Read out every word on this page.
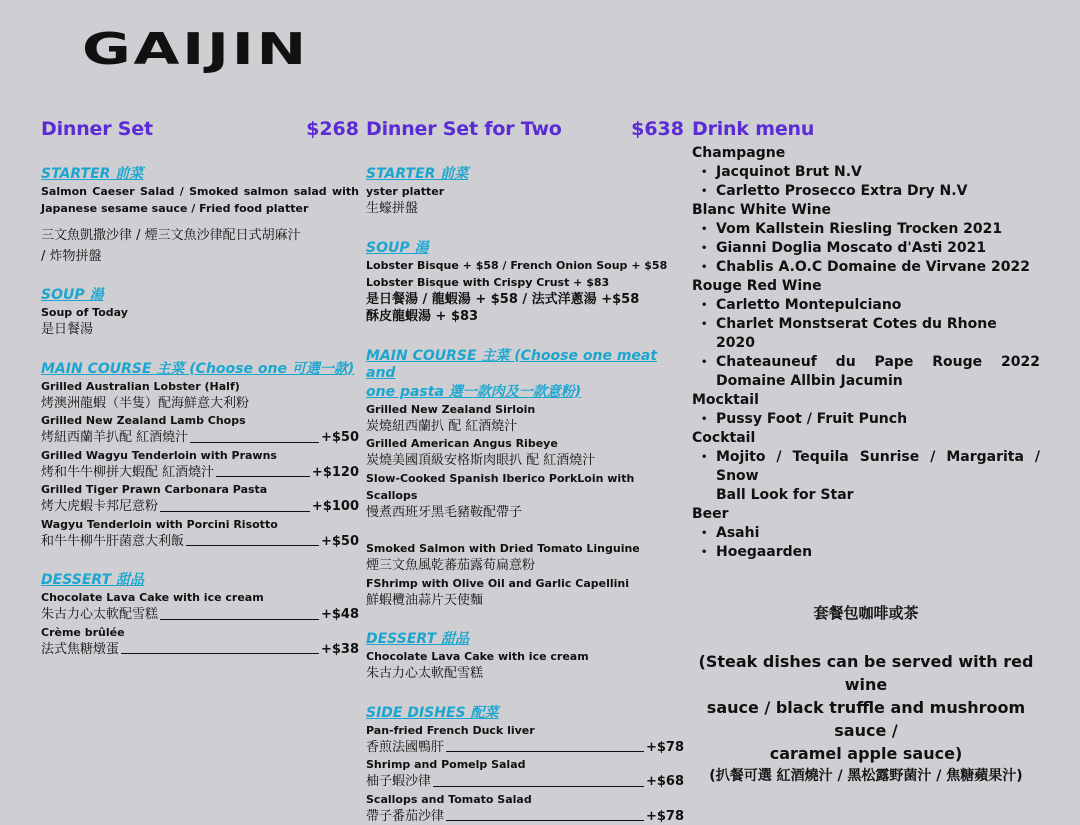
GAIJIN
Dinner Set	$268
STARTER 前菜
Salmon Caeser Salad / Smoked salmon salad with Japanese sesame sauce / Fried food platter
三文魚凱撒沙律 / 煙三文魚沙律配日式胡麻汁
/ 炸物拼盤
SOUP 湯
Soup of Today
是日餐湯
MAIN COURSE 主菜 (Choose one 可選一款)
Grilled Australian Lobster (Half)
烤澳洲龍蝦（半隻）配海鮮意大利粉
Grilled New Zealand Lamb Chops
烤紐西蘭羊扒配 紅酒燒汁	+$50
Grilled Wagyu Tenderloin with Prawns
烤和牛牛柳拼大蝦配 紅酒燒汁	+$120
Grilled Tiger Prawn Carbonara Pasta
烤大虎蝦卡邦尼意粉	+$100
Wagyu Tenderloin with Porcini Risotto
和牛牛柳牛肝菌意大利飯	+$50
DESSERT 甜品
Chocolate Lava Cake with ice cream
朱古力心太軟配雪糕	+$48
Crème brûlée
法式焦糖燉蛋	+$38
Dinner Set for Two	$638
STARTER 前菜
yster platter
生蠔拼盤
SOUP 湯
Lobster Bisque + $58 / French Onion Soup + $58
Lobster Bisque with Crispy Crust + $83
是日餐湯 / 龍蝦湯 + $58 / 法式洋蔥湯 +$58
酥皮龍蝦湯 + $83
MAIN COURSE 主菜 (Choose one meat and
one pasta 選一款肉及一款意粉)
Grilled New Zealand Sirloin
炭燒紐西蘭扒 配 紅酒燒汁
Grilled American Angus Ribeye
炭燒美國頂級安格斯肉眼扒 配 紅酒燒汁
Slow-Cooked Spanish Iberico PorkLoin with Scallops
慢煮西班牙黑毛豬鞍配帶子
Smoked Salmon with Dried Tomato Linguine
煙三文魚風乾蕃茄露荀扁意粉
FShrimp with Olive Oil and Garlic Capellini
鮮蝦欖油蒜片天使麵
DESSERT 甜品
Chocolate Lava Cake with ice cream
朱古力心太軟配雪糕
SIDE DISHES 配菜
Pan-fried French Duck liver
香煎法國鴨肝	+$78
Shrimp and Pomelp Salad
柚子蝦沙律	+$68
Scallops and Tomato Salad
帶子番茄沙律	+$78
Drink menu
Champagne
• Jacquinot Brut N.V
• Carletto Prosecco Extra Dry N.V
Blanc White Wine
• Vom Kallstein Riesling Trocken 2021
• Gianni Doglia Moscato d'Asti 2021
• Chablis A.O.C Domaine de Virvane 2022
Rouge Red Wine
• Carletto Montepulciano
• Charlet Monstserat Cotes du Rhone 2020
• Chateauneuf du Pape Rouge 2022
Domaine Allbin Jacumin
Mocktail
• Pussy Foot / Fruit Punch
Cocktail
• Mojito / Tequila Sunrise / Margarita / Snow
Ball Look for Star
Beer
• Asahi
• Hoegaarden
套餐包咖啡或茶
(Steak dishes can be served with red wine
sauce / black truffle and mushroom sauce /
caramel apple sauce)
(扒餐可選 紅酒燒汁 / 黑松露野菌汁 / 焦糖蘋果汁)
